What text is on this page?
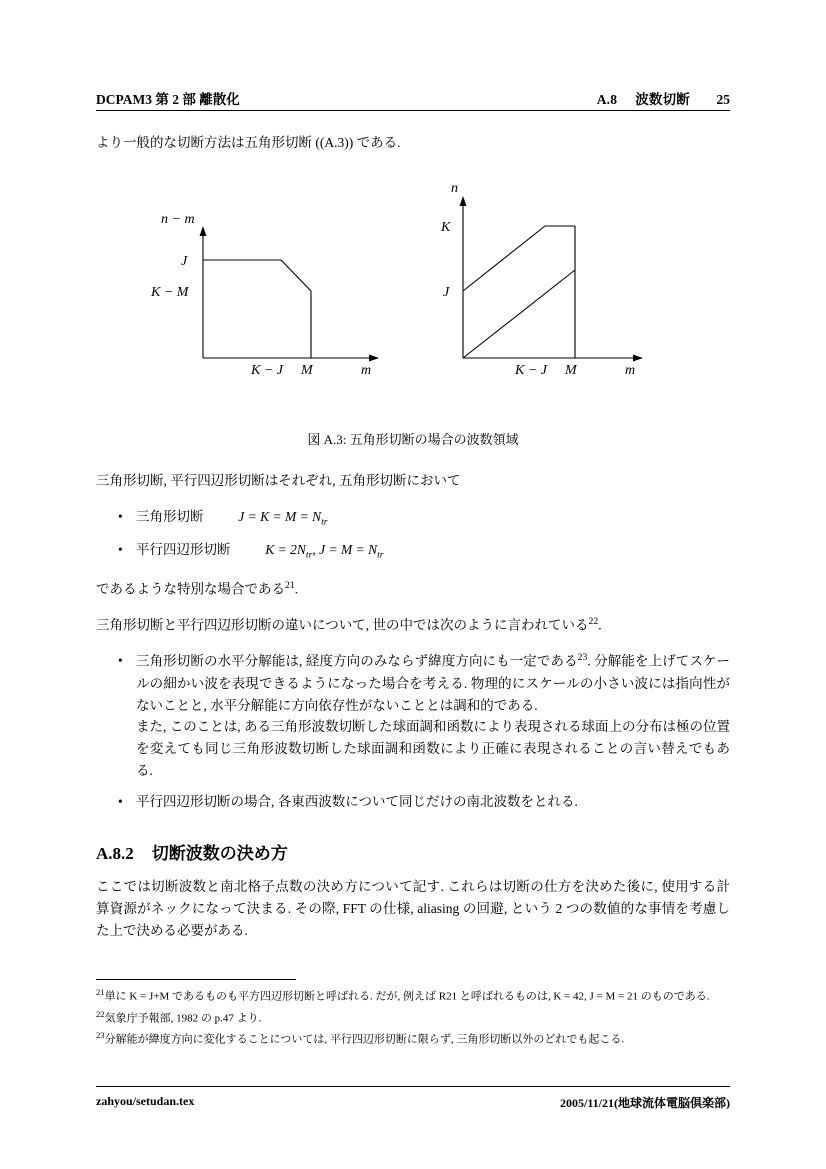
DCPAM3 第 2 部 離散化	A.8 波数切断	25

より一般的な切断方法は五角形切断 ((A.3)) である.

n − m
J
K − M
K − J M	m
n
K
J
K − J M	m
図 A.3: 五角形切断の場合の波数領域

三角形切断, 平行四辺形切断はそれぞれ, 五角形切断において

• 三角形切断	$J = K = M = N_{tr}$
• 平行四辺形切断	$K = 2N_{tr}$, $J = M = N_{tr}$

であるような特別な場合である$^{21}$.

三角形切断と平行四辺形切断の違いについて, 世の中では次のように言われている$^{22}$.

• 三角形切断の水平分解能は, 経度方向のみならず緯度方向にも一定である$^{23}$. 分解能を上げてスケールの細かい波を表現できるようになった場合を考える. 物理的にスケールの小さい波には指向性がないことと, 水平分解能に方向依存性がないこととは調和的である.
また, このことは, ある三角形波数切断した球面調和函数により表現される球面上の分布は極の位置を変えても同じ三角形波数切断した球面調和函数により正確に表現されることの言い替えでもある.
• 平行四辺形切断の場合, 各東西波数について同じだけの南北波数をとれる.
A.8.2 切断波数の決め方

ここでは切断波数と南北格子点数の決め方について記す. これらは切断の仕方を決めた後に, 使用する計算資源がネックになって決まる. その際, FFT の仕様, aliasing の回避, という 2 つの数値的な事情を考慮した上で決める必要がある.

$^{21}$単に K = J+M であるものも平方四辺形切断と呼ばれる. だが, 例えば R21 と呼ばれるものは, K = 42, J = M = 21 のものである.

$^{22}$気象庁予報部, 1982 の p.47 より.

$^{23}$分解能が緯度方向に変化することについては, 平行四辺形切断に限らず, 三角形切断以外のどれでも起こる.

zahyou/setudan.tex	2005/11/21(地球流体電脳倶楽部)
